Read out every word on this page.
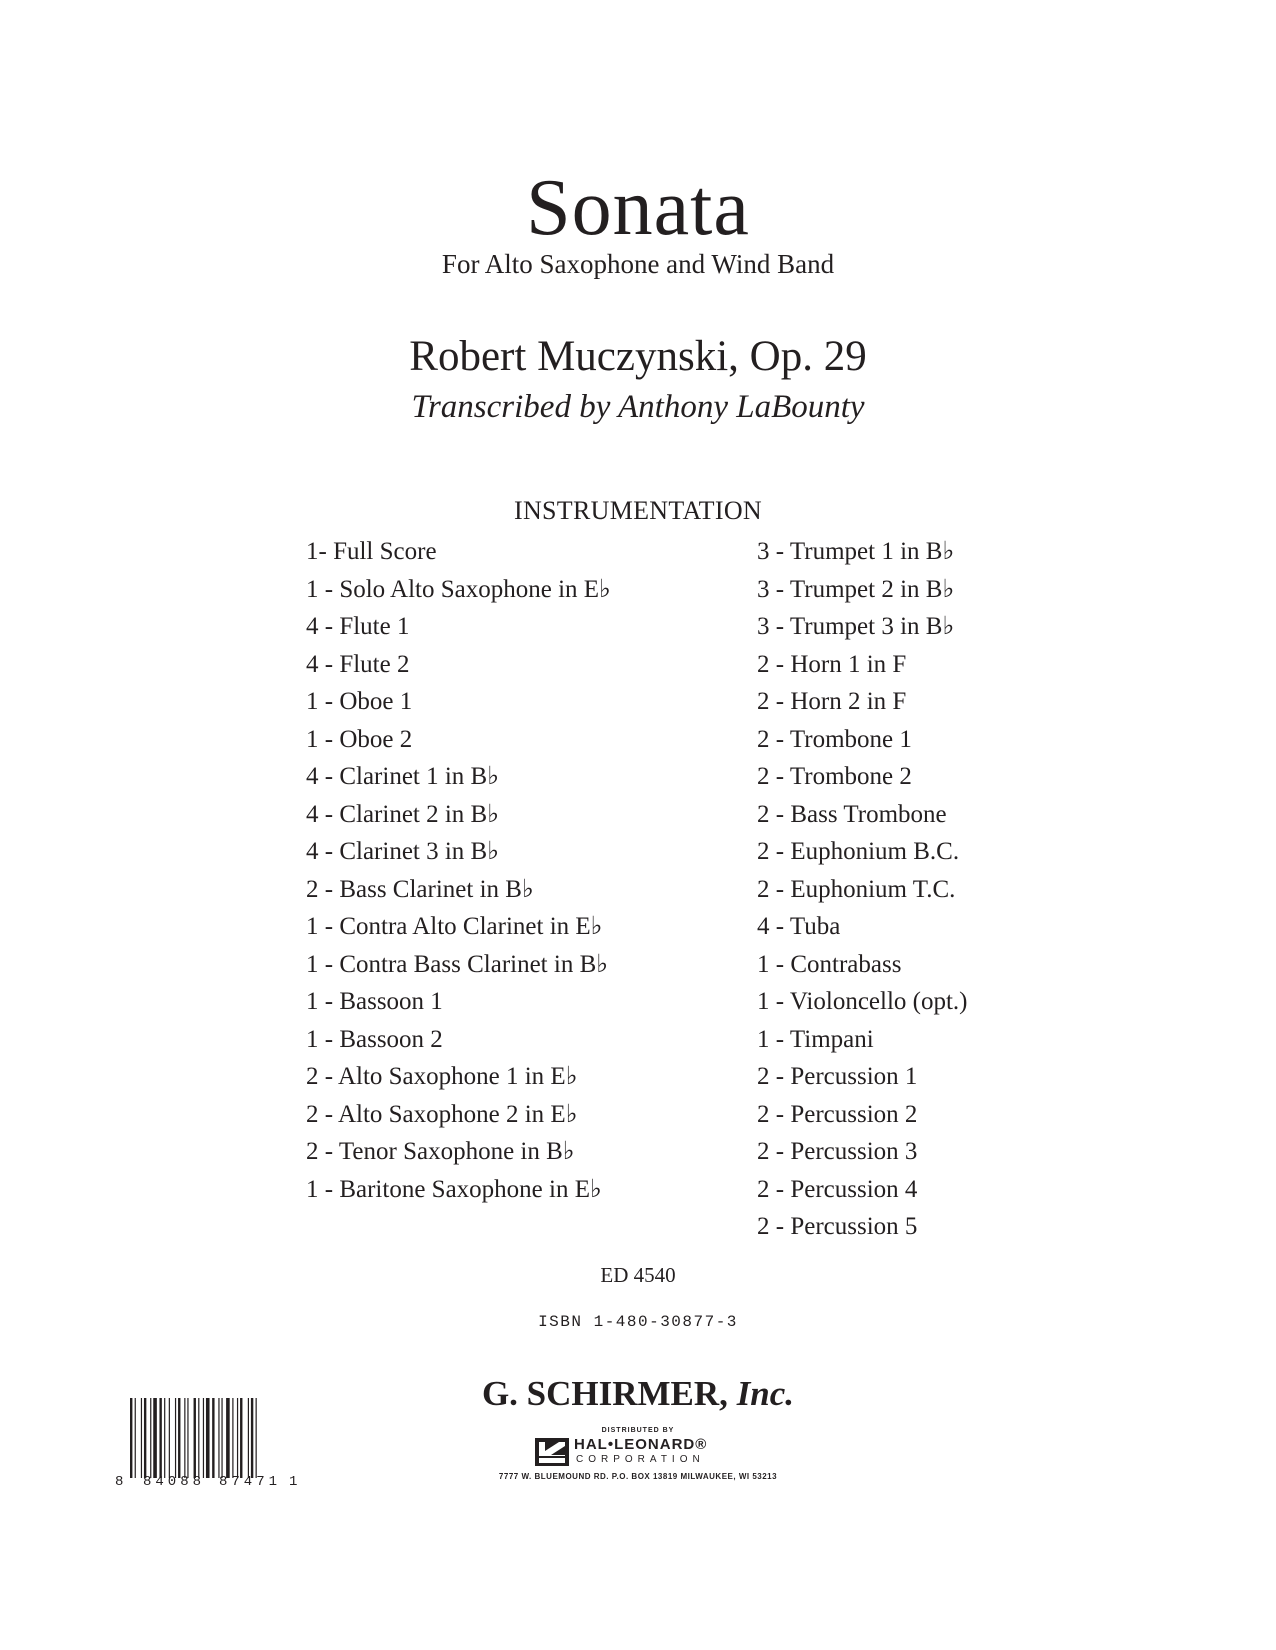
Sonata
For Alto Saxophone and Wind Band
Robert Muczynski, Op. 29
Transcribed by Anthony LaBounty
INSTRUMENTATION
1- Full Score
1 - Solo Alto Saxophone in E♭
4 - Flute 1
4 - Flute 2
1 - Oboe 1
1 - Oboe 2
4 - Clarinet 1 in B♭
4 - Clarinet 2 in B♭
4 - Clarinet 3 in B♭
2 - Bass Clarinet in B♭
1 - Contra Alto Clarinet in E♭
1 - Contra Bass Clarinet in B♭
1 - Bassoon 1
1 - Bassoon 2
2 - Alto Saxophone 1 in E♭
2 - Alto Saxophone 2 in E♭
2 - Tenor Saxophone in B♭
1 - Baritone Saxophone in E♭
3 - Trumpet 1 in B♭
3 - Trumpet 2 in B♭
3 - Trumpet 3 in B♭
2 - Horn 1 in F
2 - Horn 2 in F
2 - Trombone 1
2 - Trombone 2
2 - Bass Trombone
2 - Euphonium B.C.
2 - Euphonium T.C.
4 - Tuba
1 - Contrabass
1 - Violoncello (opt.)
1 - Timpani
2 - Percussion 1
2 - Percussion 2
2 - Percussion 3
2 - Percussion 4
2 - Percussion 5
ED 4540
ISBN 1-480-30877-3
G. SCHIRMER, Inc.
DISTRIBUTED BY
HAL•LEONARD®
CORPORATION
7777 W. BLUEMOUND RD. P.O. BOX 13819 MILWAUKEE, WI 53213
8 84088 87471 1
